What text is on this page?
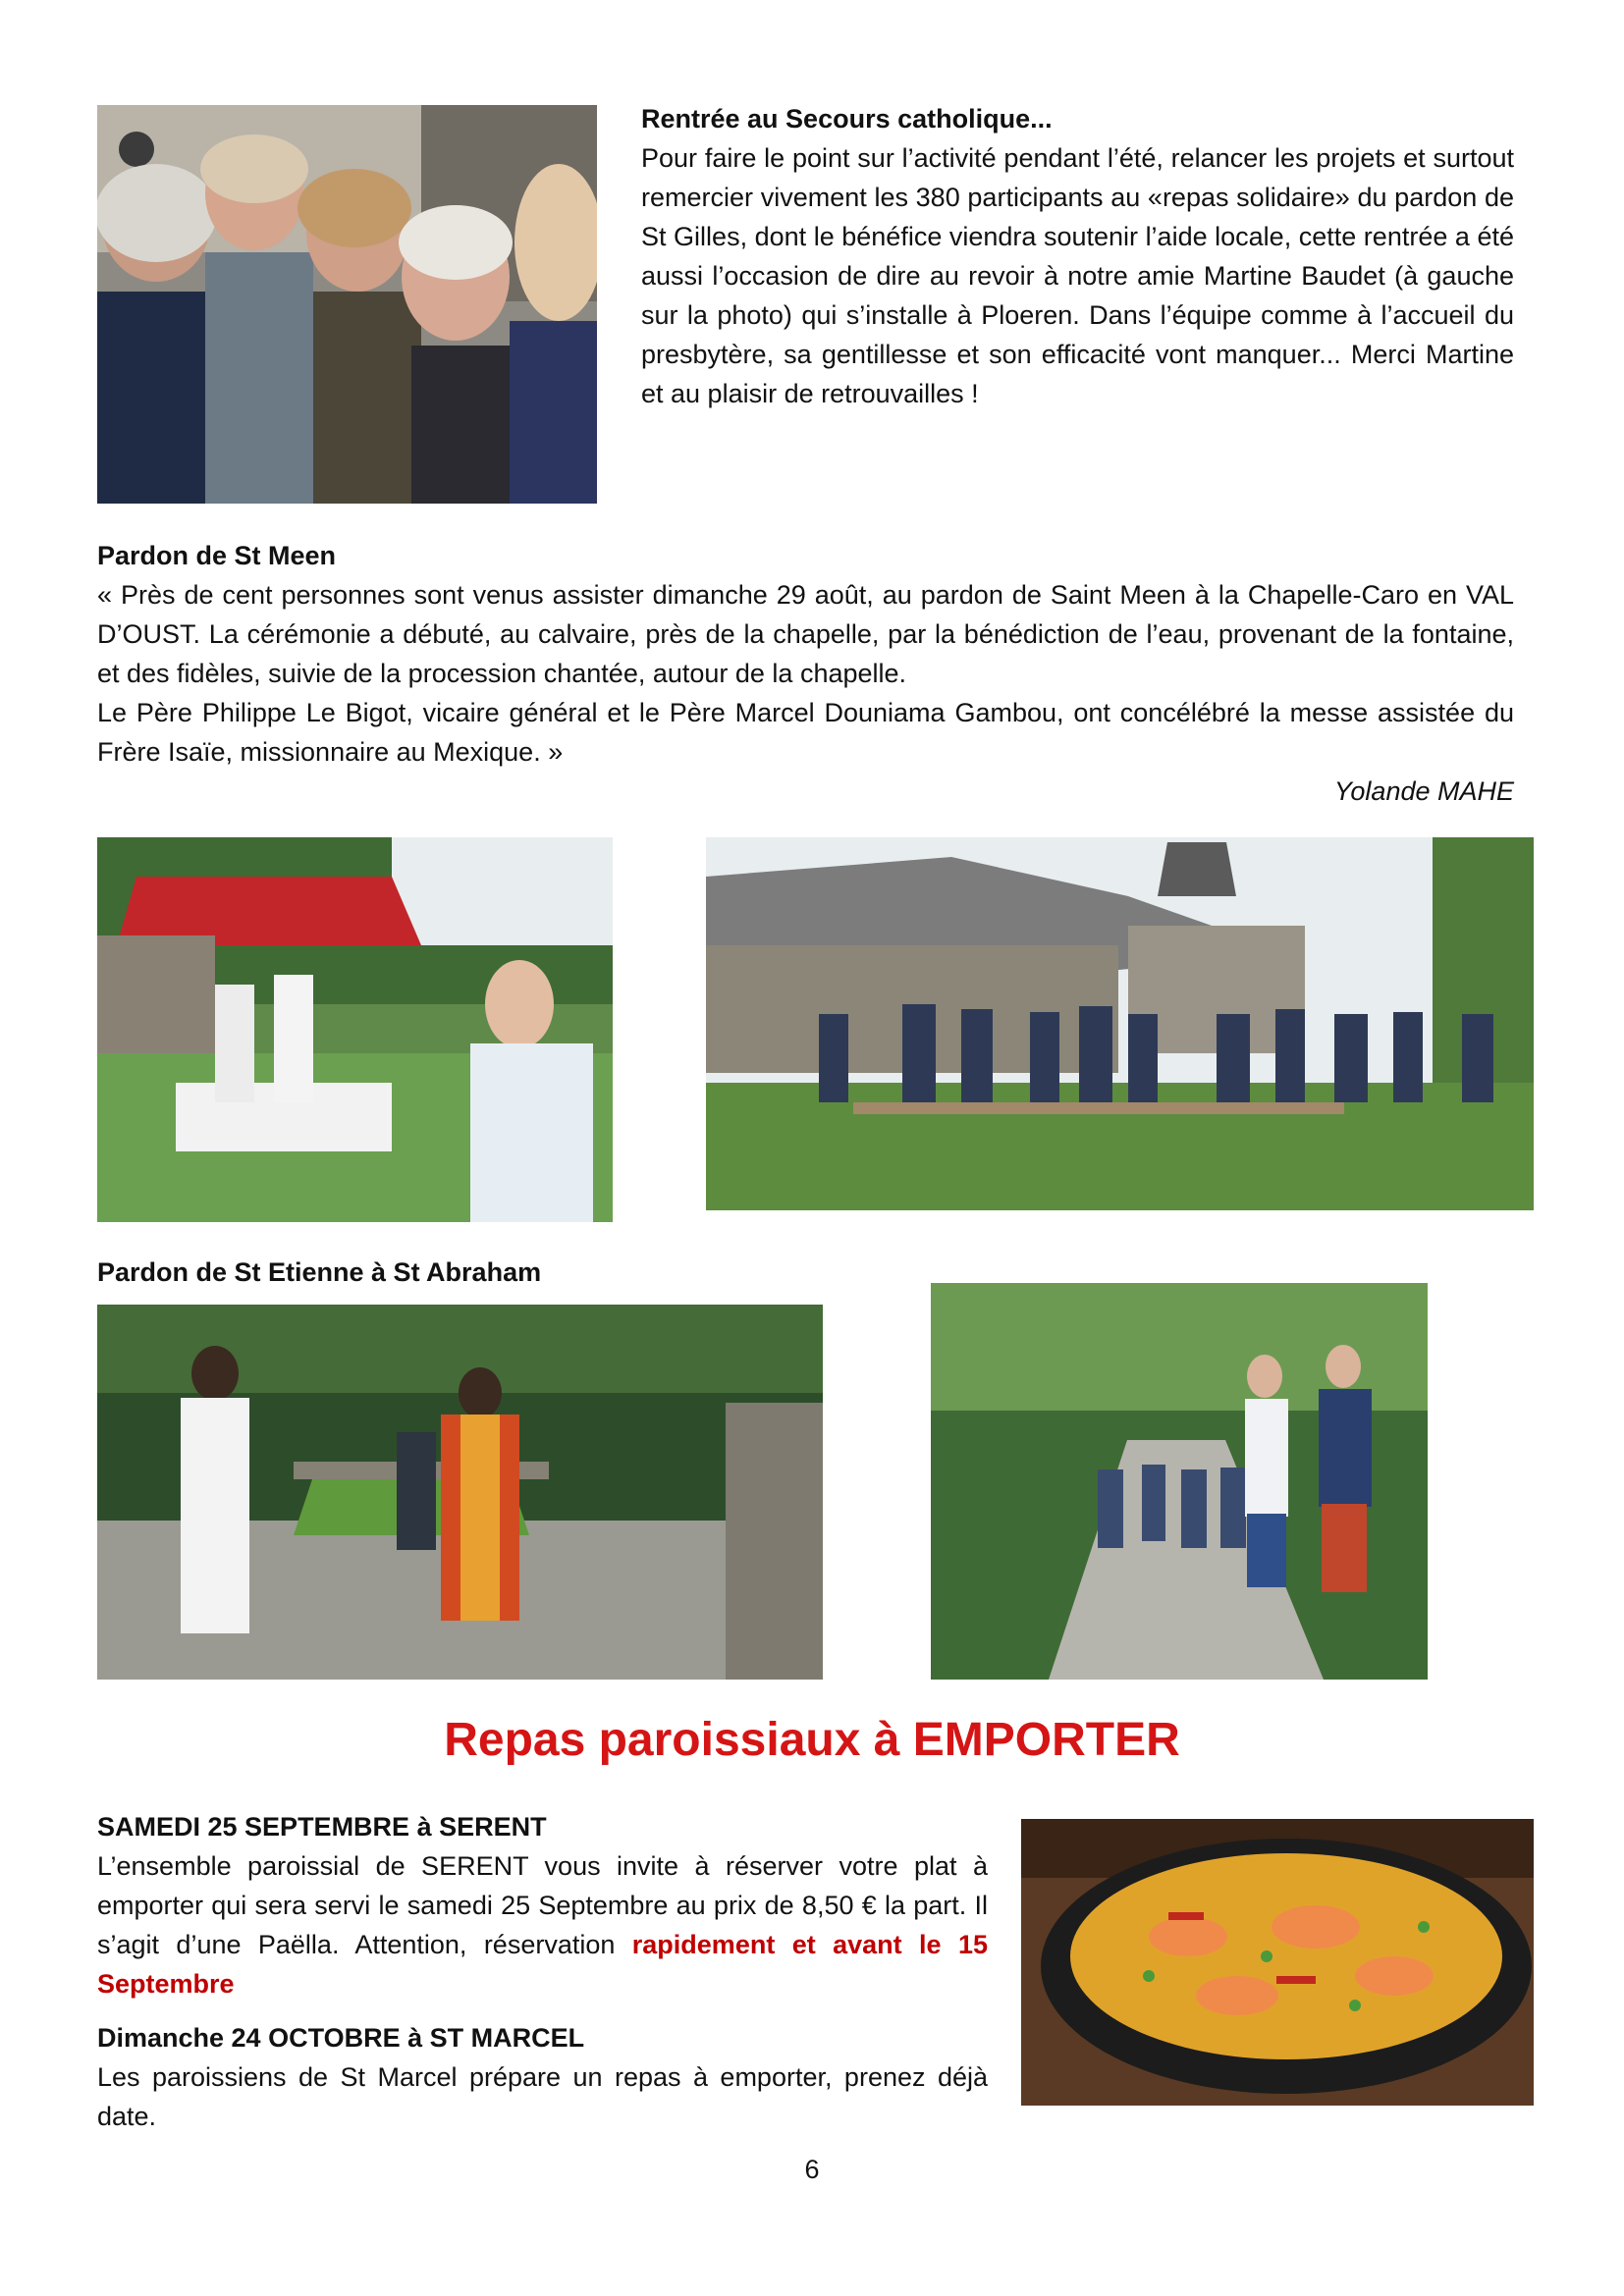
Rentrée au Secours catholique...

Pour faire le point sur l’activité pendant l’été, relancer les projets et surtout remercier vivement les 380 participants au «repas solidaire» du pardon de St Gilles, dont le bénéfice viendra soutenir l’aide locale, cette rentrée a été aussi l’occasion de dire au revoir à notre amie Martine Baudet (à gauche sur la photo) qui s’installe à Ploeren. Dans l’équipe comme à l’accueil du presbytère, sa gentillesse et son efficacité vont manquer... Merci Martine et au plaisir de retrouvailles !

Pardon de St Meen

« Près de cent personnes sont venus assister dimanche 29 août, au pardon de Saint Meen à la Chapelle-Caro en VAL D’OUST. La cérémonie a débuté, au calvaire, près de la chapelle, par la bénédiction de l’eau, provenant de la fontaine, et des fidèles, suivie de la procession chantée, autour de la chapelle.

Le Père Philippe Le Bigot, vicaire général et le Père Marcel Douniama Gambou, ont concélébré la messe assistée du Frère Isaïe, missionnaire au Mexique. »

Yolande MAHE

Pardon de St Etienne à St Abraham
Repas paroissiaux à EMPORTER

SAMEDI 25 SEPTEMBRE à SERENT

L’ensemble paroissial de SERENT vous invite à réserver votre plat à emporter qui sera servi le samedi 25 Septembre au prix de 8,50 € la part. Il s’agit d’une Paëlla. Attention, réservation rapidement et avant le 15 Septembre

Dimanche 24 OCTOBRE à ST MARCEL

Les paroissiens de St Marcel prépare un repas à emporter, prenez déjà date.

6
